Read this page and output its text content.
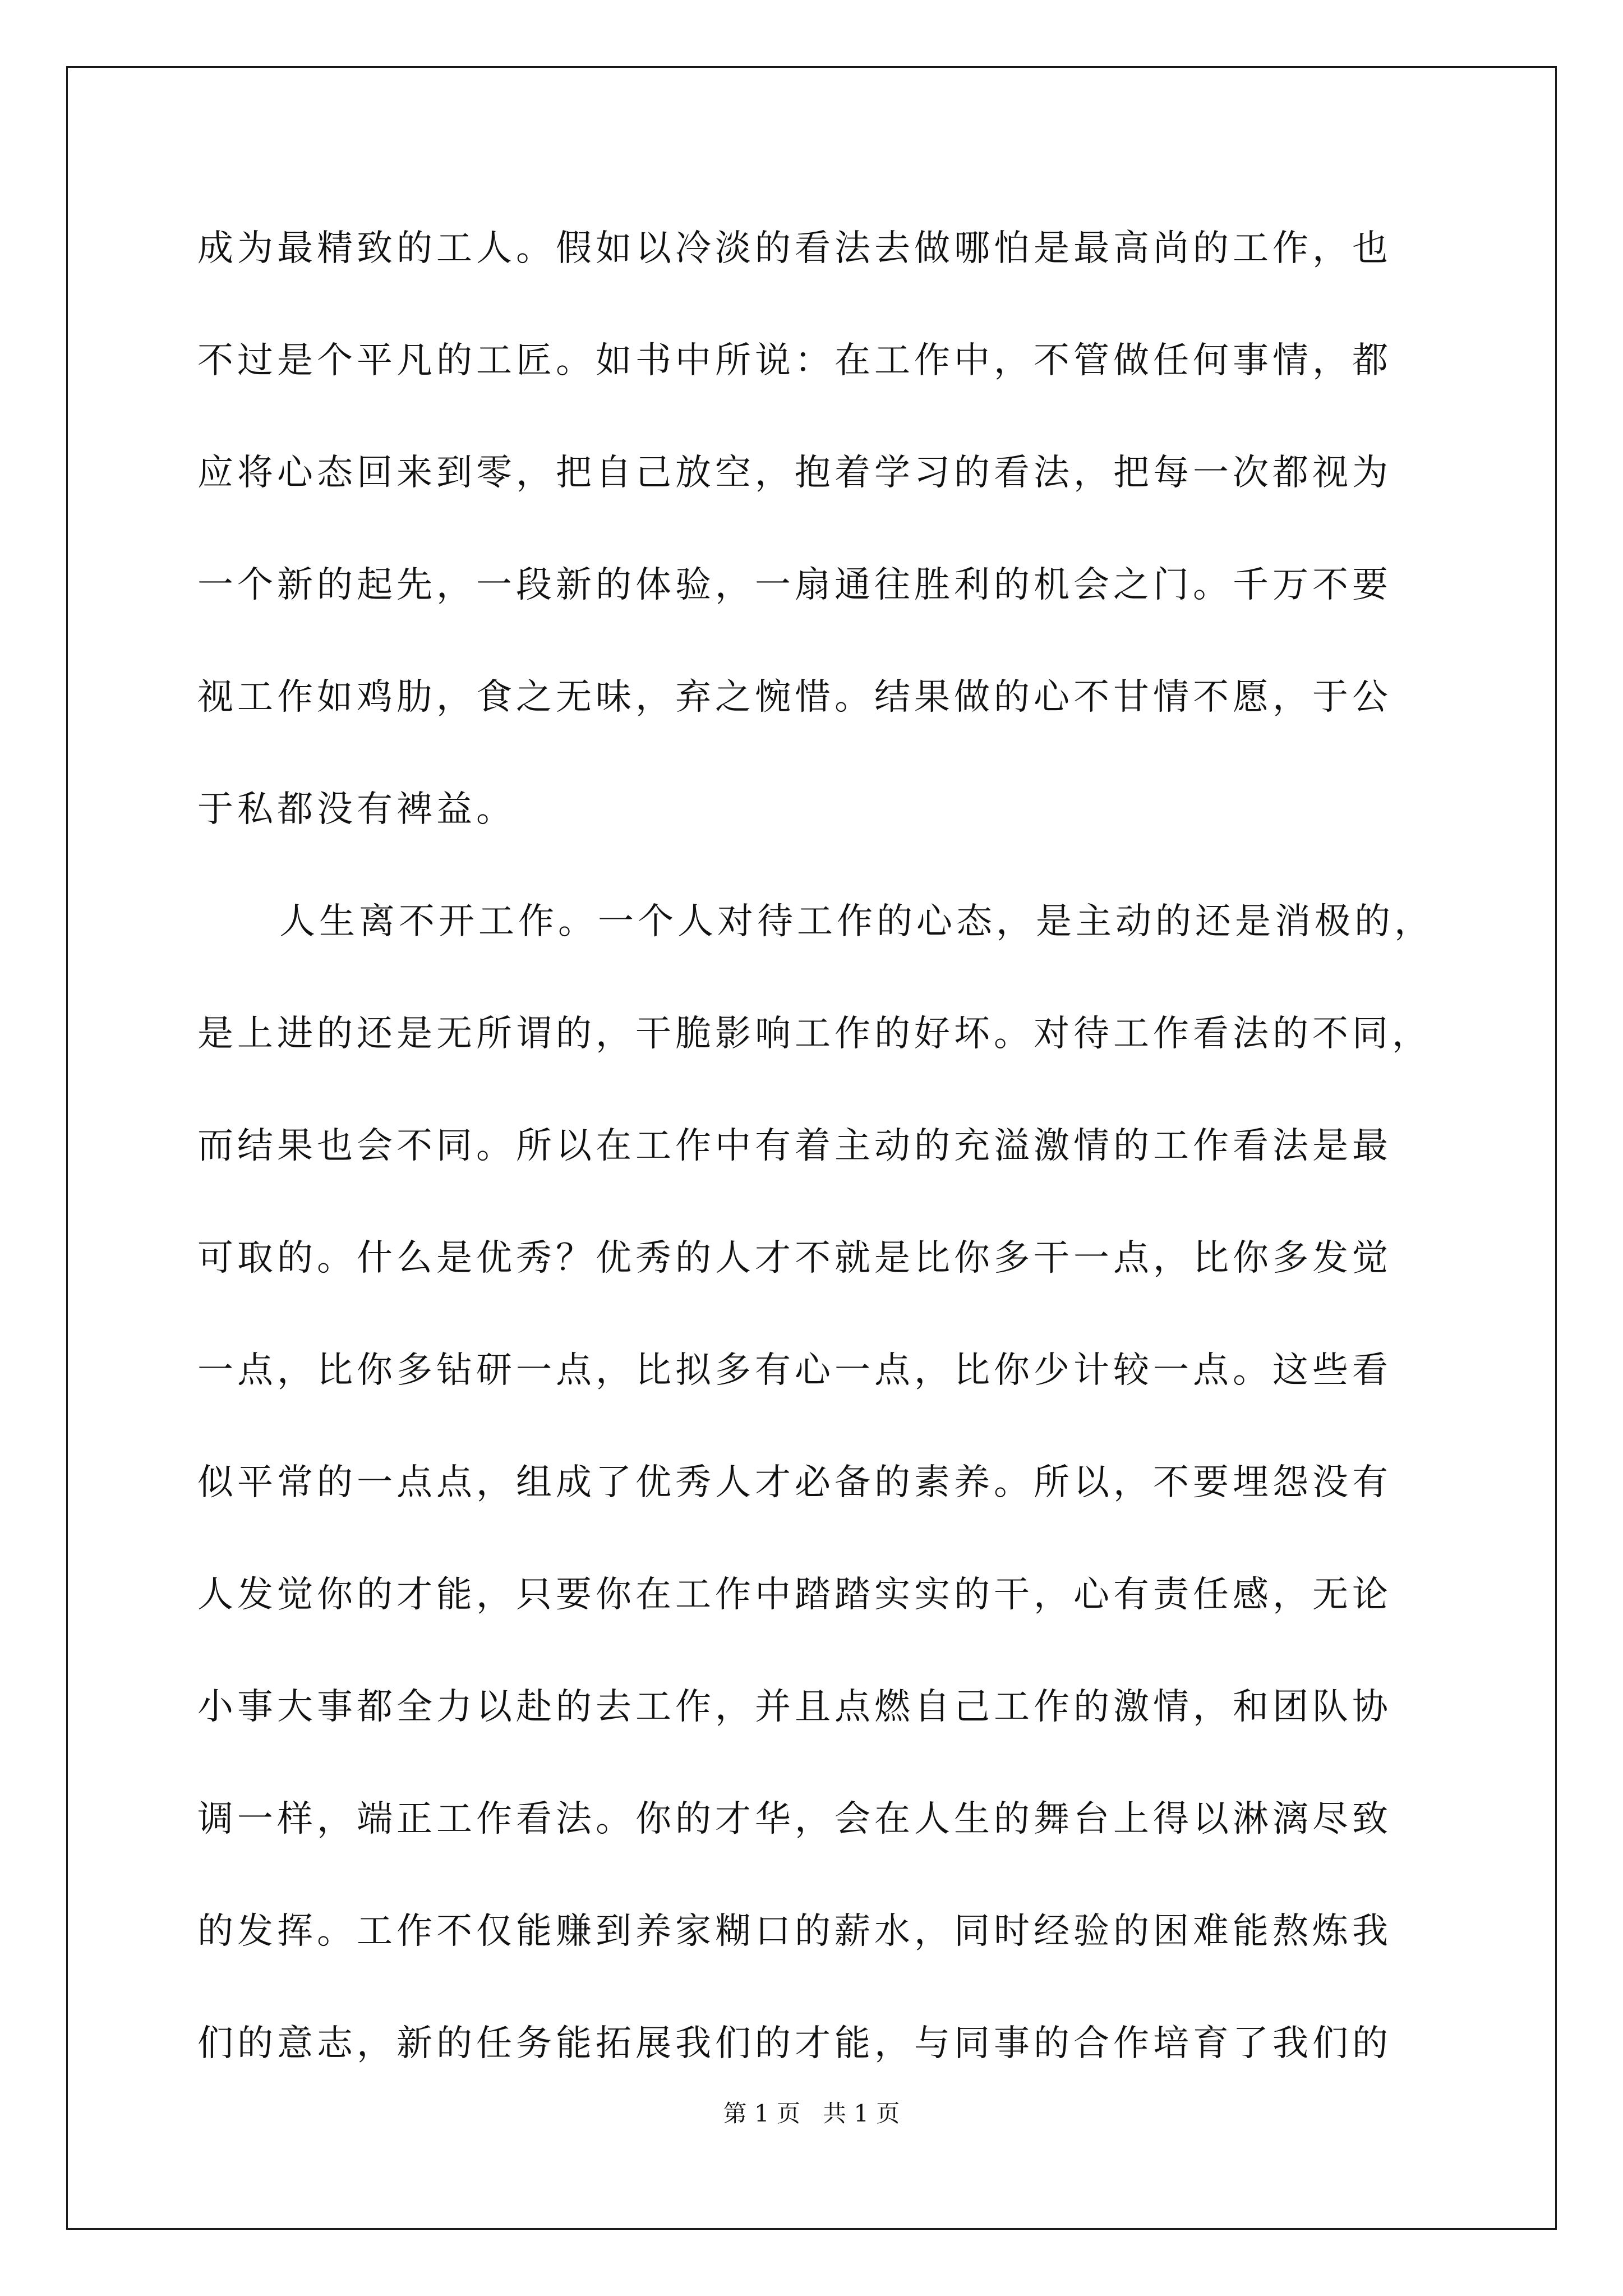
成为最精致的工人。假如以冷淡的看法去做哪怕是最高尚的工作，也
不过是个平凡的工匠。如书中所说：在工作中，不管做任何事情，都
应将心态回来到零，把自己放空，抱着学习的看法，把每一次都视为
一个新的起先，一段新的体验，一扇通往胜利的机会之门。千万不要
视工作如鸡肋，食之无味，弃之惋惜。结果做的心不甘情不愿，于公
于私都没有裨益。
人生离不开工作。一个人对待工作的心态，是主动的还是消极的，
是上进的还是无所谓的，干脆影响工作的好坏。对待工作看法的不同，
而结果也会不同。所以在工作中有着主动的充溢激情的工作看法是最
可取的。什么是优秀？优秀的人才不就是比你多干一点，比你多发觉
一点，比你多钻研一点，比拟多有心一点，比你少计较一点。这些看
似平常的一点点，组成了优秀人才必备的素养。所以，不要埋怨没有
人发觉你的才能，只要你在工作中踏踏实实的干，心有责任感，无论
小事大事都全力以赴的去工作，并且点燃自己工作的激情，和团队协
调一样，端正工作看法。你的才华，会在人生的舞台上得以淋漓尽致
的发挥。工作不仅能赚到养家糊口的薪水，同时经验的困难能熬炼我
们的意志，新的任务能拓展我们的才能，与同事的合作培育了我们的
第 1 页 共 1 页
